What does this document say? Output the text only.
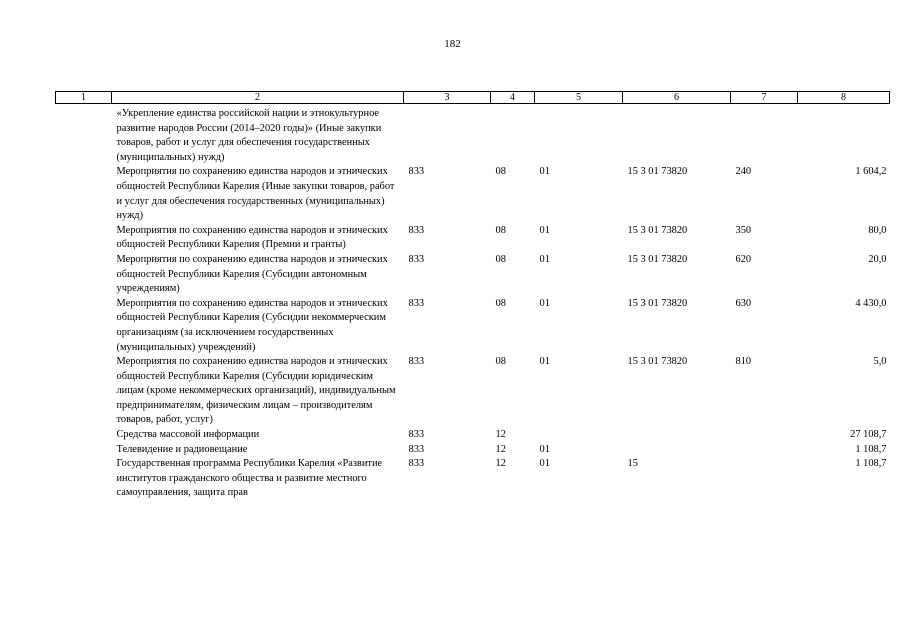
182
1	2	3	4	5	6	7	8
	«Укрепление единства российской нации и этнокультурное развитие народов России (2014–2020 годы)» (Иные закупки товаров, работ и услуг для обеспечения государственных (муниципальных) нужд)						
	Мероприятия по сохранению единства народов и этнических общностей Республики Карелия (Иные закупки товаров, работ и услуг для обеспечения государственных (муниципальных) нужд)	833	08	01	15 3 01 73820	240	1 604,2
	Мероприятия по сохранению единства народов и этнических общностей Республики Карелия (Премии и гранты)	833	08	01	15 3 01 73820	350	80,0
	Мероприятия по сохранению единства народов и этнических общностей Республики Карелия (Субсидии автономным учреждениям)	833	08	01	15 3 01 73820	620	20,0
	Мероприятия по сохранению единства народов и этнических общностей Республики Карелия (Субсидии некоммерческим организациям (за исключением государственных (муниципальных) учреждений)	833	08	01	15 3 01 73820	630	4 430,0
	Мероприятия по сохранению единства народов и этнических общностей Республики Карелия (Субсидии юридическим лицам (кроме некоммерческих организаций), индивидуальным предпринимателям, физическим лицам – производителям товаров, работ, услуг)	833	08	01	15 3 01 73820	810	5,0
	Средства массовой информации	833	12				27 108,7
	Телевидение и радиовещание	833	12	01			1 108,7
	Государственная программа Республики Карелия «Развитие институтов гражданского общества и развитие местного самоуправления, защита прав	833	12	01	15		1 108,7
